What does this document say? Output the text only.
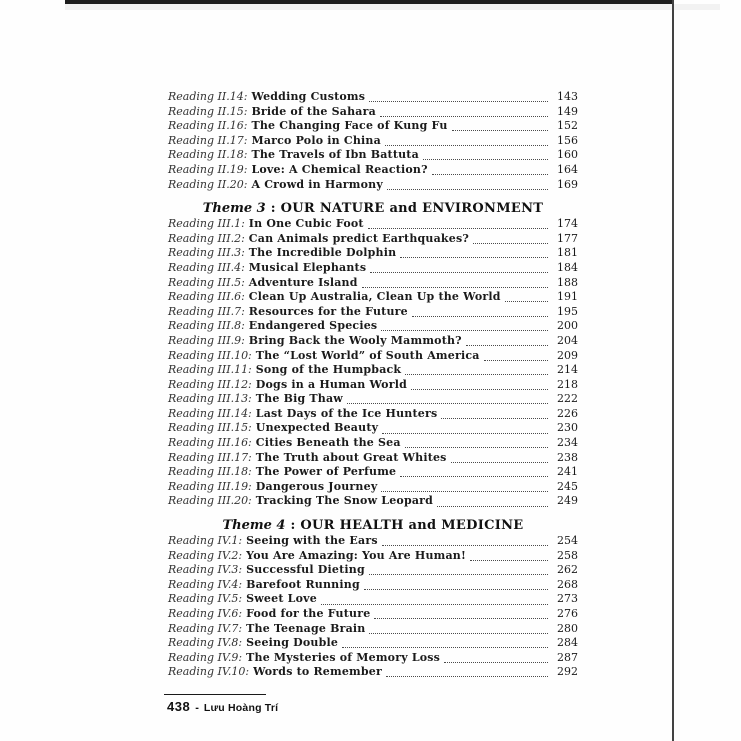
Reading II.14: Wedding Customs	143
Reading II.15: Bride of the Sahara	149
Reading II.16: The Changing Face of Kung Fu	152
Reading II.17: Marco Polo in China	156
Reading II.18: The Travels of Ibn Battuta	160
Reading II.19: Love: A Chemical Reaction?	164
Reading II.20: A Crowd in Harmony	169
Theme 3 : OUR NATURE and ENVIRONMENT
Reading III.1: In One Cubic Foot	174
Reading III.2: Can Animals predict Earthquakes?	177
Reading III.3: The Incredible Dolphin	181
Reading III.4: Musical Elephants	184
Reading III.5: Adventure Island	188
Reading III.6: Clean Up Australia, Clean Up the World	191
Reading III.7: Resources for the Future	195
Reading III.8: Endangered Species	200
Reading III.9: Bring Back the Wooly Mammoth?	204
Reading III.10: The “Lost World” of South America	209
Reading III.11: Song of the Humpback	214
Reading III.12: Dogs in a Human World	218
Reading III.13: The Big Thaw	222
Reading III.14: Last Days of the Ice Hunters	226
Reading III.15: Unexpected Beauty	230
Reading III.16: Cities Beneath the Sea	234
Reading III.17: The Truth about Great Whites	238
Reading III.18: The Power of Perfume	241
Reading III.19: Dangerous Journey	245
Reading III.20: Tracking The Snow Leopard	249
Theme 4 : OUR HEALTH and MEDICINE
Reading IV.1: Seeing with the Ears	254
Reading IV.2: You Are Amazing: You Are Human!	258
Reading IV.3: Successful Dieting	262
Reading IV.4: Barefoot Running	268
Reading IV.5: Sweet Love	273
Reading IV.6: Food for the Future	276
Reading IV.7: The Teenage Brain	280
Reading IV.8: Seeing Double	284
Reading IV.9: The Mysteries of Memory Loss	287
Reading IV.10: Words to Remember	292
438 - Lưu Hoàng Trí
